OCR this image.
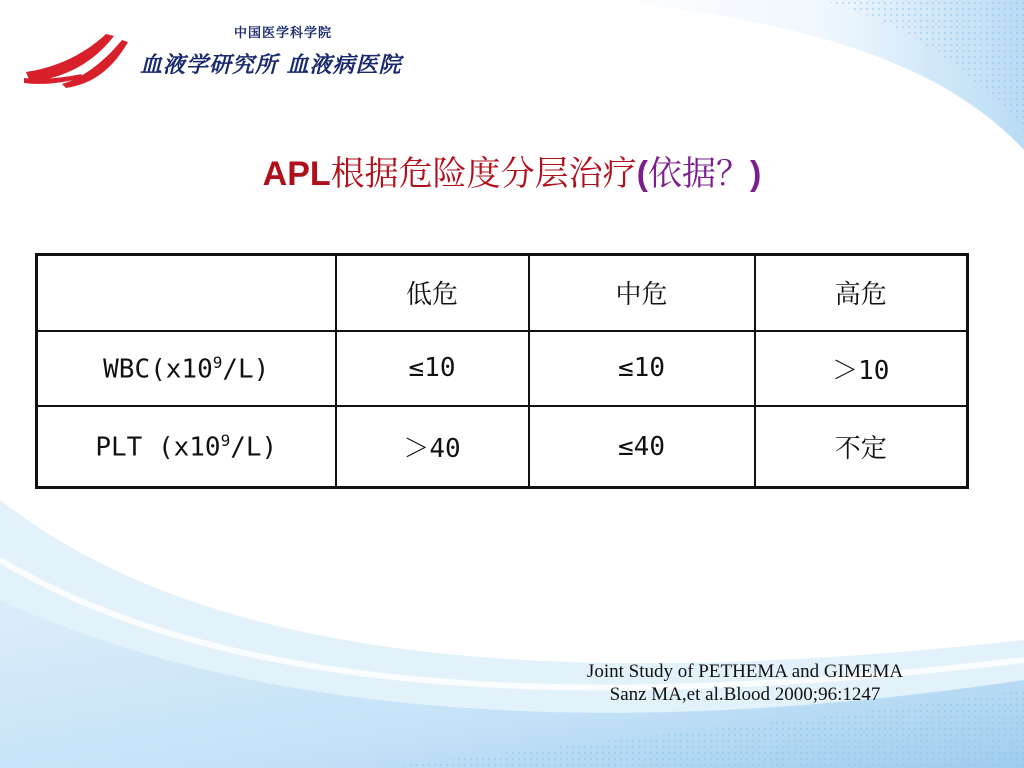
中国医学科学院
血液学研究所 血液病医院
APL根据危险度分层治疗(依据？)
	低危	中危	高危
$WBC(x10^9/L)$	≤10	≤10	＞10
PLT $(x10^9/L)$	＞40	≤40	不定
Joint Study of PETHEMA and GIMEMA
Sanz MA,et al.Blood 2000;96:1247
